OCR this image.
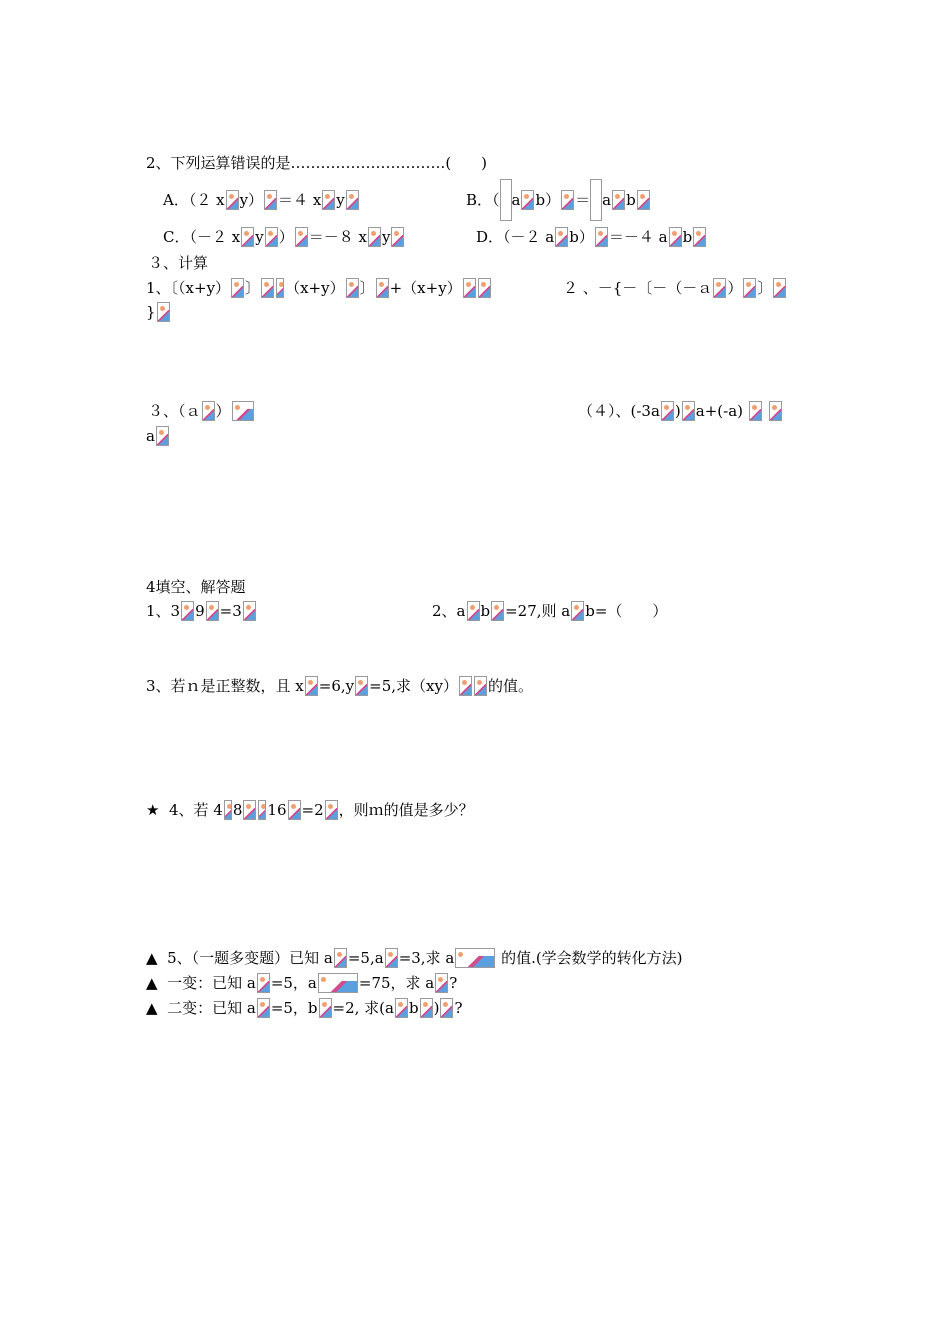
2、下列运算错误的是………………………….(　　)
A．（２ x y） ＝４ x y	B．（ a b） ＝ a b
C．（－２ x y ） ＝－８ x y	D．（－２ a b） ＝－４ a b
３、计算
1、〔（x+y） 〕 （x+y） 〕 +（x+y）	２ 、－{－〔－（－ａ ） 〕
}
３、（ａ ）	（４）、(-3a ) a+(-a)
a
4填空、解答题
1、3 9 =3	2、a b =27,则 a b=（　　）
3、若ｎ是正整数，且 x =6,y =5,求（xy） 的值。
★ 4、若 4 8 16 =2 ，则ｍ的值是多少？
▲ 5、（一题多变题）已知 a =5,a =3,求 a	的值.(学会数学的转化方法)
▲ 一变：已知 a =5，a	=75，求 a ?
▲ 二变：已知 a =5，b =2, 求(a b ) ?
